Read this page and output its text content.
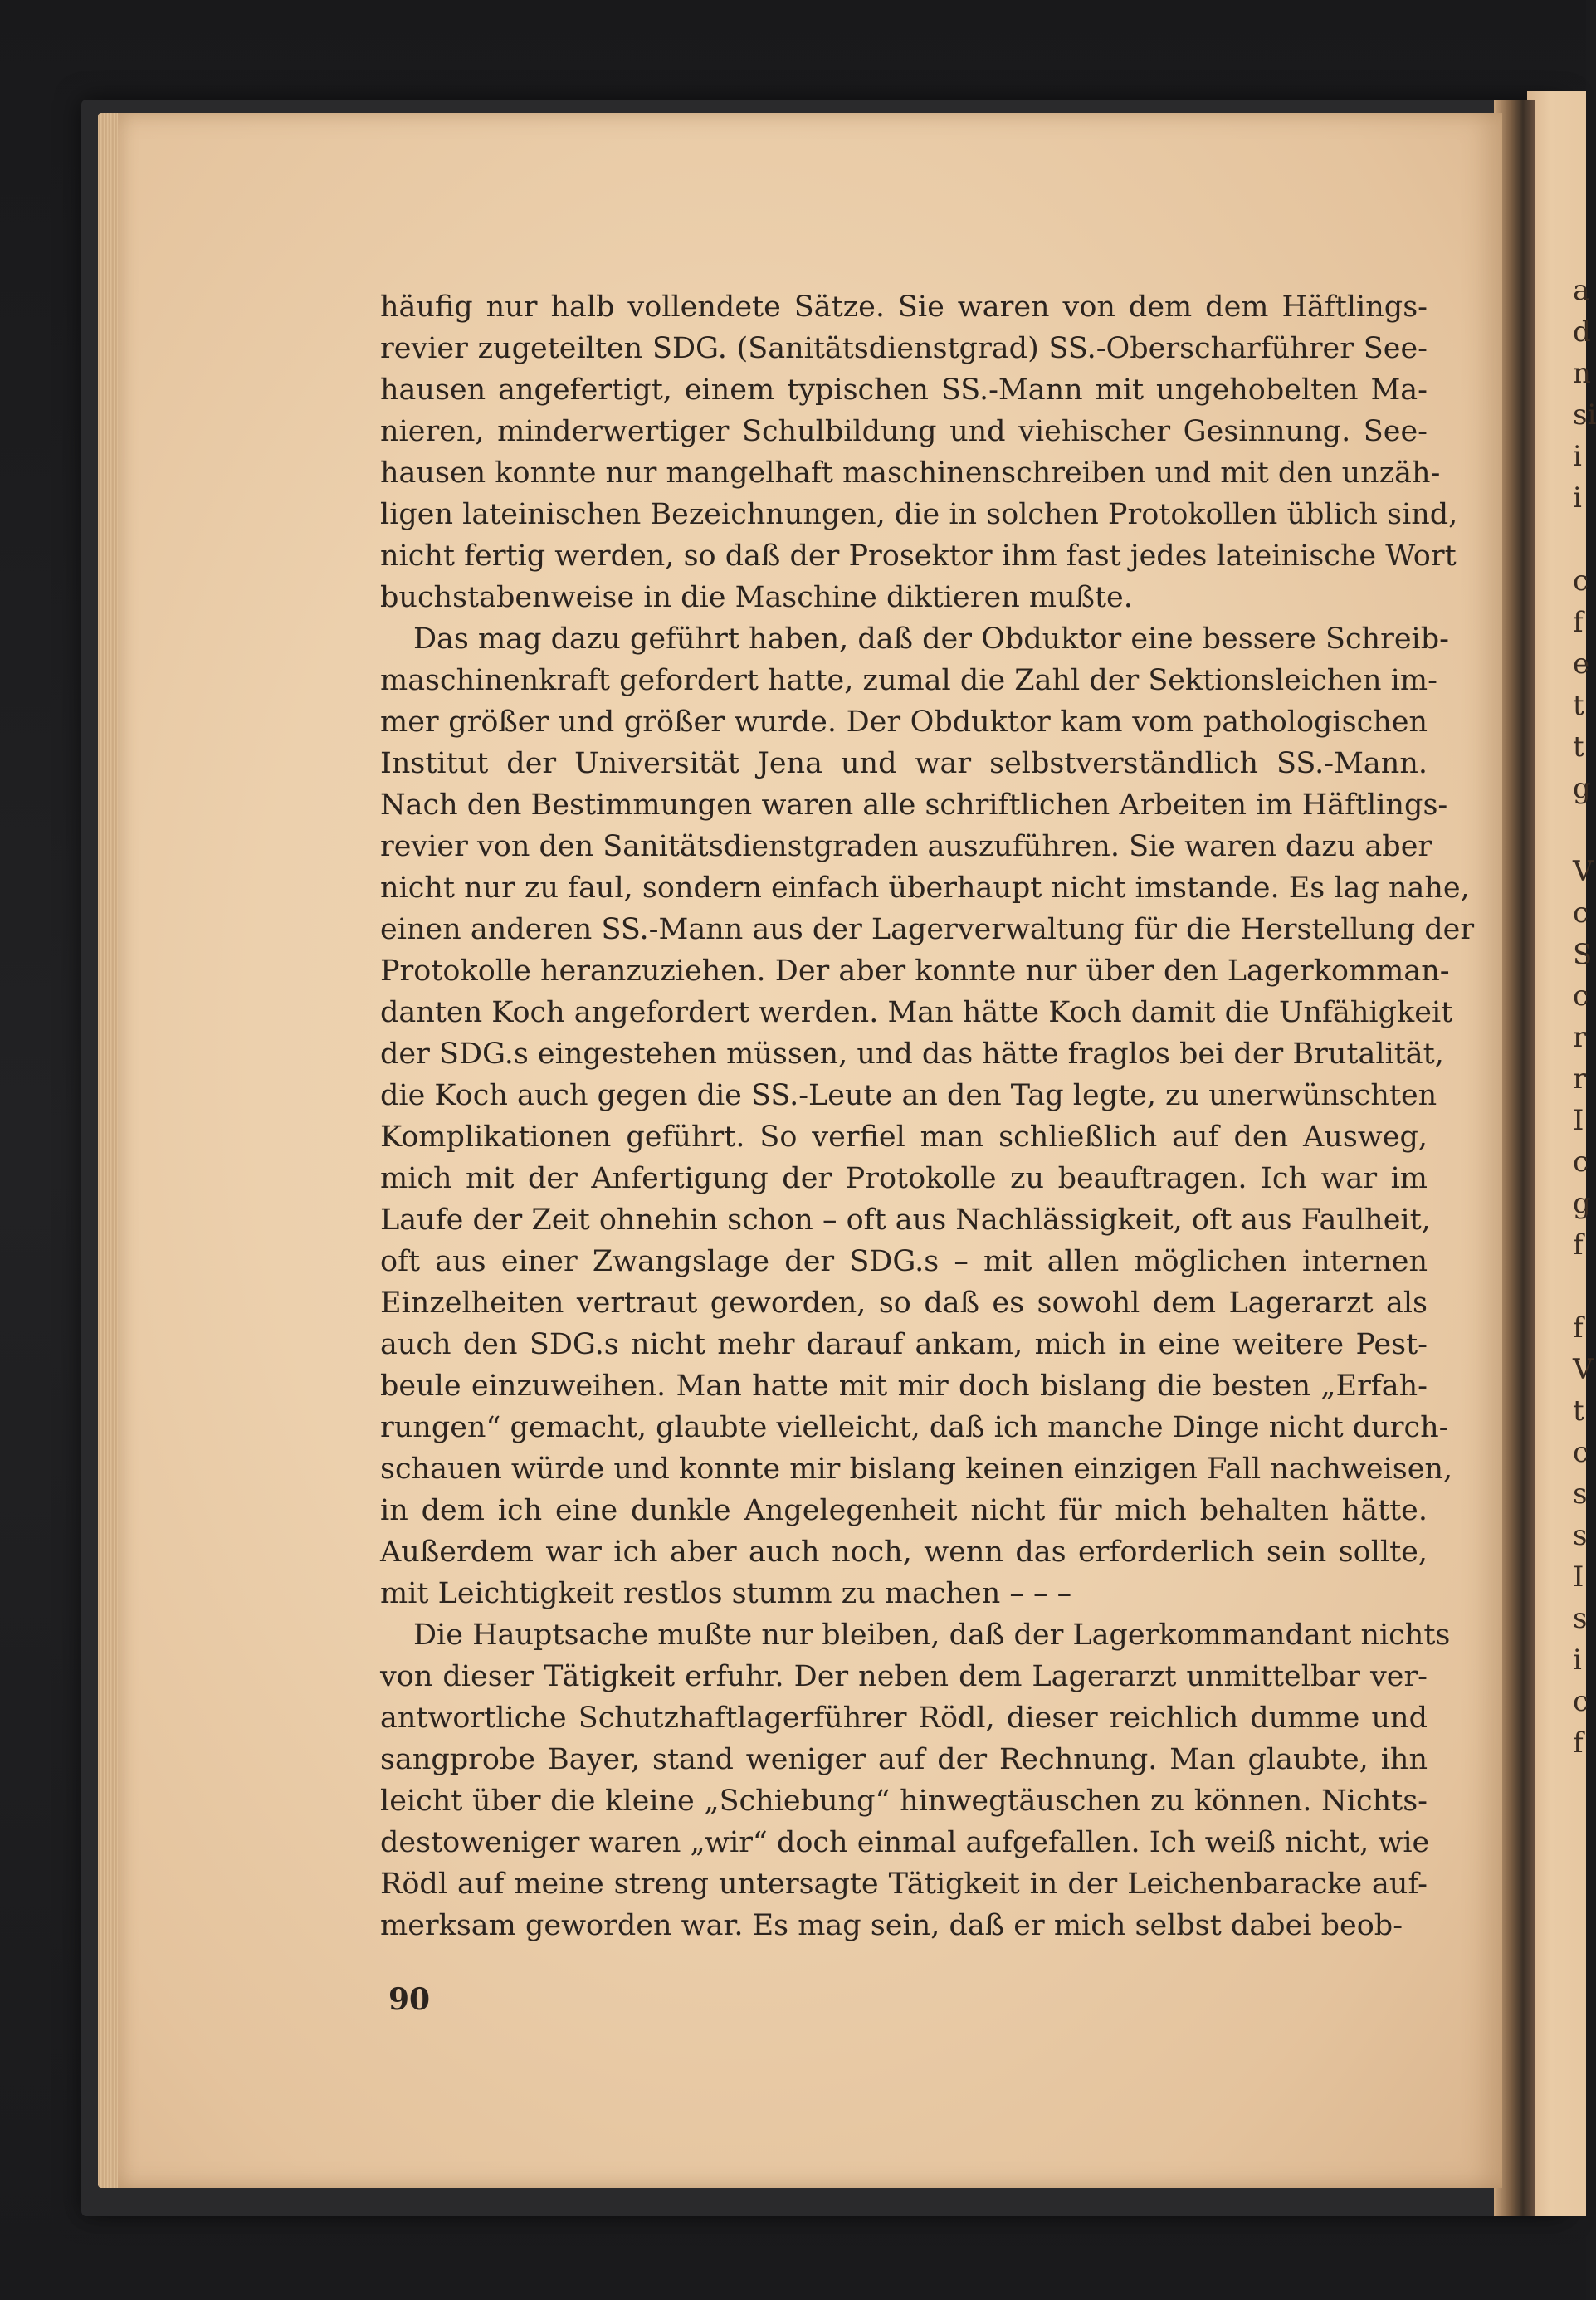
a
d
n
si
i
i

c
f
e
t
t
g

V
c
S
c
r
r
I
c
g
f

f
V
t
c
s
s
I
s
i
c
f
häufig nur halb vollendete Sätze. Sie waren von dem dem Häftlings-
revier zugeteilten SDG. (Sanitätsdienstgrad) SS.-Oberscharführer See-
hausen angefertigt, einem typischen SS.-Mann mit ungehobelten Ma-
nieren, minderwertiger Schulbildung und viehischer Gesinnung. See-
hausen konnte nur mangelhaft maschinenschreiben und mit den unzäh-
ligen lateinischen Bezeichnungen, die in solchen Protokollen üblich sind,
nicht fertig werden, so daß der Prosektor ihm fast jedes lateinische Wort
buchstabenweise in die Maschine diktieren mußte.
Das mag dazu geführt haben, daß der Obduktor eine bessere Schreib-
maschinenkraft gefordert hatte, zumal die Zahl der Sektionsleichen im-
mer größer und größer wurde. Der Obduktor kam vom pathologischen
Institut der Universität Jena und war selbstverständlich SS.-Mann.
Nach den Bestimmungen waren alle schriftlichen Arbeiten im Häftlings-
revier von den Sanitätsdienstgraden auszuführen. Sie waren dazu aber
nicht nur zu faul, sondern einfach überhaupt nicht imstande. Es lag nahe,
einen anderen SS.-Mann aus der Lagerverwaltung für die Herstellung der
Protokolle heranzuziehen. Der aber konnte nur über den Lagerkomman-
danten Koch angefordert werden. Man hätte Koch damit die Unfähigkeit
der SDG.s eingestehen müssen, und das hätte fraglos bei der Brutalität,
die Koch auch gegen die SS.-Leute an den Tag legte, zu unerwünschten
Komplikationen geführt. So verfiel man schließlich auf den Ausweg,
mich mit der Anfertigung der Protokolle zu beauftragen. Ich war im
Laufe der Zeit ohnehin schon – oft aus Nachlässigkeit, oft aus Faulheit,
oft aus einer Zwangslage der SDG.s – mit allen möglichen internen
Einzelheiten vertraut geworden, so daß es sowohl dem Lagerarzt als
auch den SDG.s nicht mehr darauf ankam, mich in eine weitere Pest-
beule einzuweihen. Man hatte mit mir doch bislang die besten „Erfah-
rungen“ gemacht, glaubte vielleicht, daß ich manche Dinge nicht durch-
schauen würde und konnte mir bislang keinen einzigen Fall nachweisen,
in dem ich eine dunkle Angelegenheit nicht für mich behalten hätte.
Außerdem war ich aber auch noch, wenn das erforderlich sein sollte,
mit Leichtigkeit restlos stumm zu machen – – –
Die Hauptsache mußte nur bleiben, daß der Lagerkommandant nichts
von dieser Tätigkeit erfuhr. Der neben dem Lagerarzt unmittelbar ver-
antwortliche Schutzhaftlagerführer Rödl, dieser reichlich dumme und
sangprobe Bayer, stand weniger auf der Rechnung. Man glaubte, ihn
leicht über die kleine „Schiebung“ hinwegtäuschen zu können. Nichts-
destoweniger waren „wir“ doch einmal aufgefallen. Ich weiß nicht, wie
Rödl auf meine streng untersagte Tätigkeit in der Leichenbaracke auf-
merksam geworden war. Es mag sein, daß er mich selbst dabei beob-
90
